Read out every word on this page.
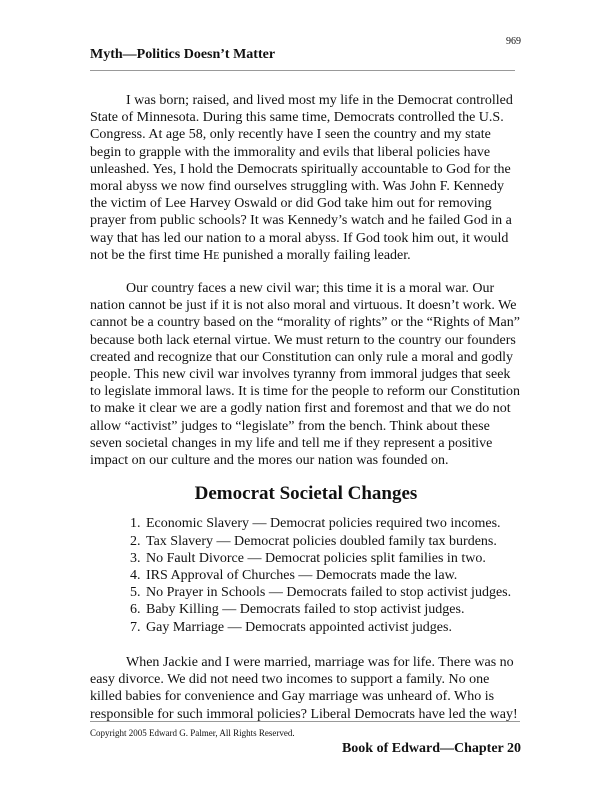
969
Myth—Politics Doesn’t Matter

I was born; raised, and lived most my life in the Democrat controlled State of Minnesota. During this same time, Democrats controlled the U.S. Congress. At age 58, only recently have I seen the country and my state begin to grapple with the immorality and evils that liberal policies have unleashed. Yes, I hold the Democrats spiritually accountable to God for the moral abyss we now find ourselves struggling with. Was John F. Kennedy the victim of Lee Harvey Oswald or did God take him out for removing prayer from public schools? It was Kennedy’s watch and he failed God in a way that has led our nation to a moral abyss. If God took him out, it would not be the first time He punished a morally failing leader.

Our country faces a new civil war; this time it is a moral war. Our nation cannot be just if it is not also moral and virtuous. It doesn’t work. We cannot be a country based on the “morality of rights” or the “Rights of Man” because both lack eternal virtue. We must return to the country our founders created and recognize that our Constitution can only rule a moral and godly people. This new civil war involves tyranny from immoral judges that seek to legislate immoral laws. It is time for the people to reform our Constitution to make it clear we are a godly nation first and foremost and that we do not allow “activist” judges to “legislate” from the bench. Think about these seven societal changes in my life and tell me if they represent a positive impact on our culture and the mores our nation was founded on.

Democrat Societal Changes
1. Economic Slavery — Democrat policies required two incomes.
2. Tax Slavery — Democrat policies doubled family tax burdens.
3. No Fault Divorce — Democrat policies split families in two.
4. IRS Approval of Churches — Democrats made the law.
5. No Prayer in Schools — Democrats failed to stop activist judges.
6. Baby Killing — Democrats failed to stop activist judges.
7. Gay Marriage — Democrats appointed activist judges.

When Jackie and I were married, marriage was for life. There was no easy divorce. We did not need two incomes to support a family. No one killed babies for convenience and Gay marriage was unheard of. Who is responsible for such immoral policies? Liberal Democrats have led the way!

Copyright 2005 Edward G. Palmer, All Rights Reserved.
Book of Edward—Chapter 20
